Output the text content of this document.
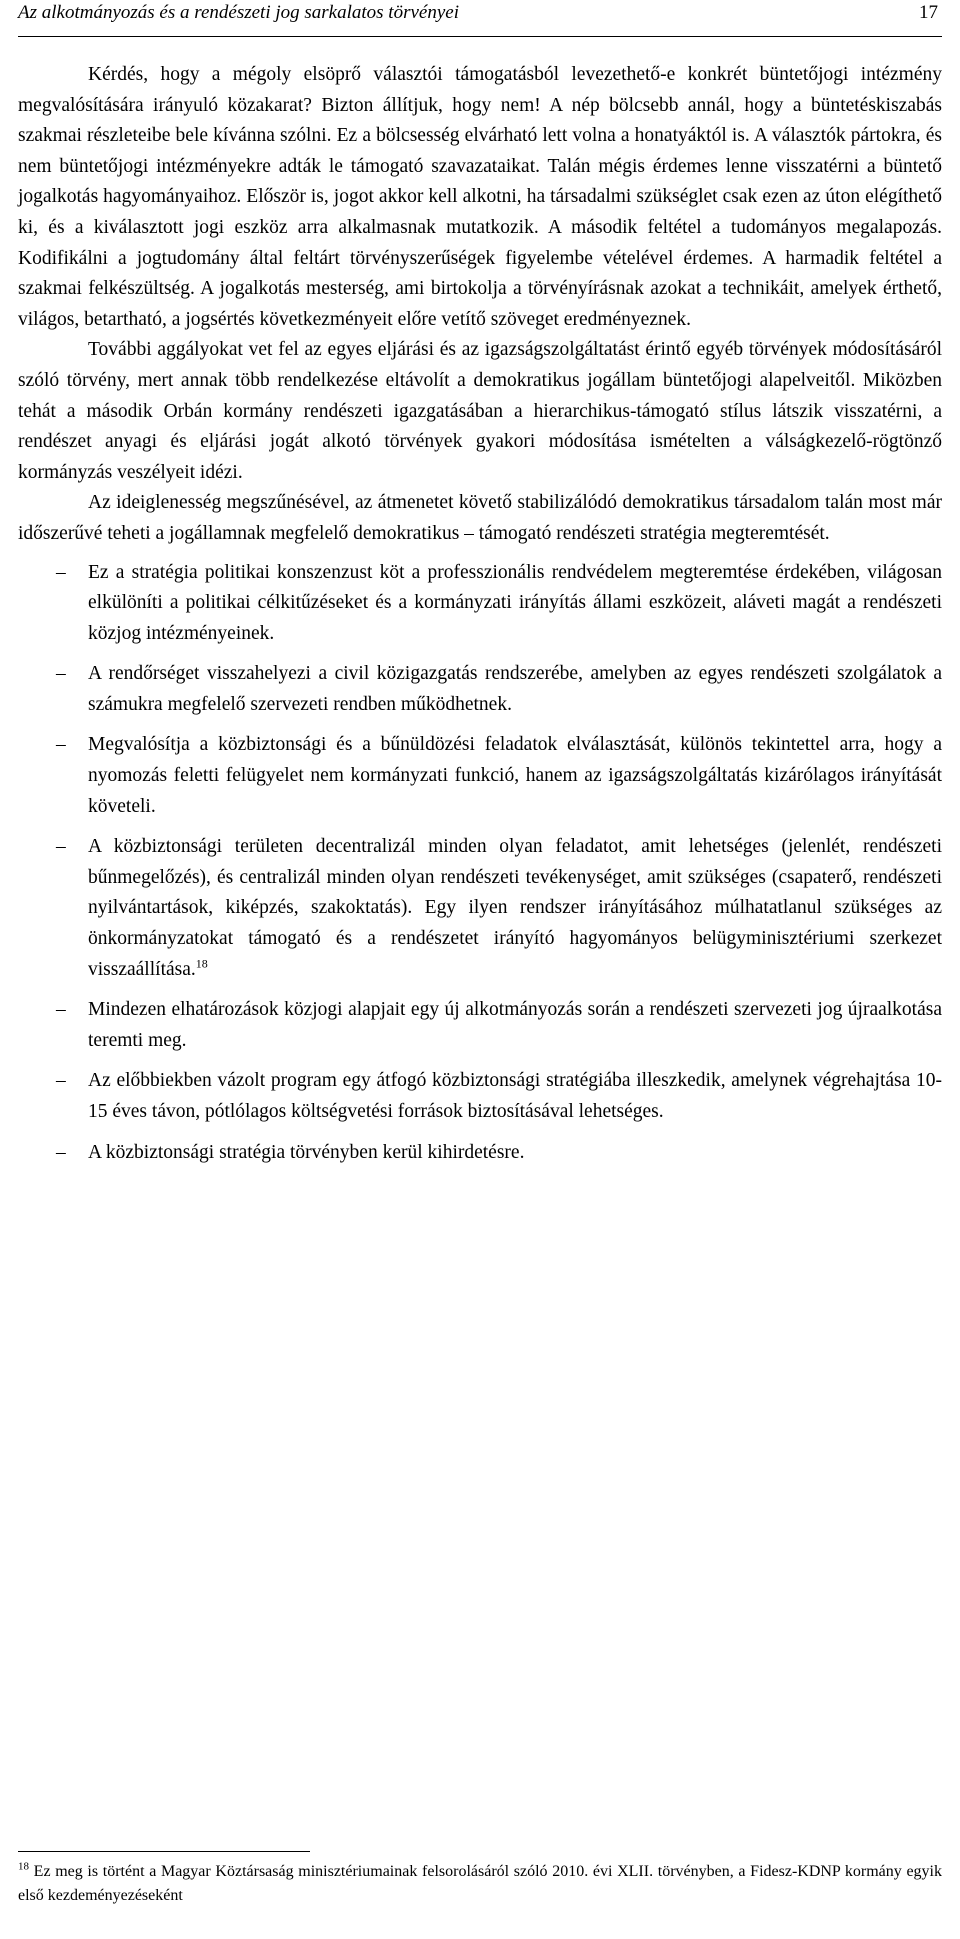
Az alkotmányozás és a rendészeti jog sarkalatos törvényei	17

Kérdés, hogy a mégoly elsöprő választói támogatásból levezethető-e konkrét büntetőjogi intézmény megvalósítására irányuló közakarat? Bizton állítjuk, hogy nem! A nép bölcsebb annál, hogy a büntetéskiszabás szakmai részleteibe bele kívánna szólni. Ez a bölcsesség elvárható lett volna a honatyáktól is. A választók pártokra, és nem büntetőjogi intézményekre adták le támogató szavazataikat. Talán mégis érdemes lenne visszatérni a büntető jogalkotás hagyományaihoz. Először is, jogot akkor kell alkotni, ha társadalmi szükséglet csak ezen az úton elégíthető ki, és a kiválasztott jogi eszköz arra alkalmasnak mutatkozik. A második feltétel a tudományos megalapozás. Kodifikálni a jogtudomány által feltárt törvényszerűségek figyelembe vételével érdemes. A harmadik feltétel a szakmai felkészültség. A jogalkotás mesterség, ami birtokolja a törvényírásnak azokat a technikáit, amelyek érthető, világos, betartható, a jogsértés következményeit előre vetítő szöveget eredményeznek.

További aggályokat vet fel az egyes eljárási és az igazságszolgáltatást érintő egyéb törvények módosításáról szóló törvény, mert annak több rendelkezése eltávolít a demokratikus jogállam büntetőjogi alapelveitől. Miközben tehát a második Orbán kormány rendészeti igazgatásában a hierarchikus-támogató stílus látszik visszatérni, a rendészet anyagi és eljárási jogát alkotó törvények gyakori módosítása ismételten a válságkezelő-rögtönző kormányzás veszélyeit idézi.

Az ideiglenesség megszűnésével, az átmenetet követő stabilizálódó demokratikus társadalom talán most már időszerűvé teheti a jogállamnak megfelelő demokratikus – támogató rendészeti stratégia megteremtését.

– Ez a stratégia politikai konszenzust köt a professzionális rendvédelem megteremtése érdekében, világosan elkülöníti a politikai célkitűzéseket és a kormányzati irányítás állami eszközeit, aláveti magát a rendészeti közjog intézményeinek.
– A rendőrséget visszahelyezi a civil közigazgatás rendszerébe, amelyben az egyes rendészeti szolgálatok a számukra megfelelő szervezeti rendben működhetnek.
– Megvalósítja a közbiztonsági és a bűnüldözési feladatok elválasztását, különös tekintettel arra, hogy a nyomozás feletti felügyelet nem kormányzati funkció, hanem az igazságszolgáltatás kizárólagos irányítását követeli.
– A közbiztonsági területen decentralizál minden olyan feladatot, amit lehetséges (jelenlét, rendészeti bűnmegelőzés), és centralizál minden olyan rendészeti tevékenységet, amit szükséges (csapaterő, rendészeti nyilvántartások, kiképzés, szakoktatás). Egy ilyen rendszer irányításához múlhatatlanul szükséges az önkormányzatokat támogató és a rendészetet irányító hagyományos belügyminisztériumi szerkezet visszaállítása.$^{18}$
– Mindezen elhatározások közjogi alapjait egy új alkotmányozás során a rendészeti szervezeti jog újraalkotása teremti meg.
– Az előbbiekben vázolt program egy átfogó közbiztonsági stratégiába illeszkedik, amelynek végrehajtása 10-15 éves távon, pótlólagos költségvetési források biztosításával lehetséges.
– A közbiztonsági stratégia törvényben kerül kihirdetésre.
$^{18}$ Ez meg is történt a Magyar Köztársaság minisztériumainak felsorolásáról szóló 2010. évi XLII. törvényben, a Fidesz-KDNP kormány egyik első kezdeményezéseként
